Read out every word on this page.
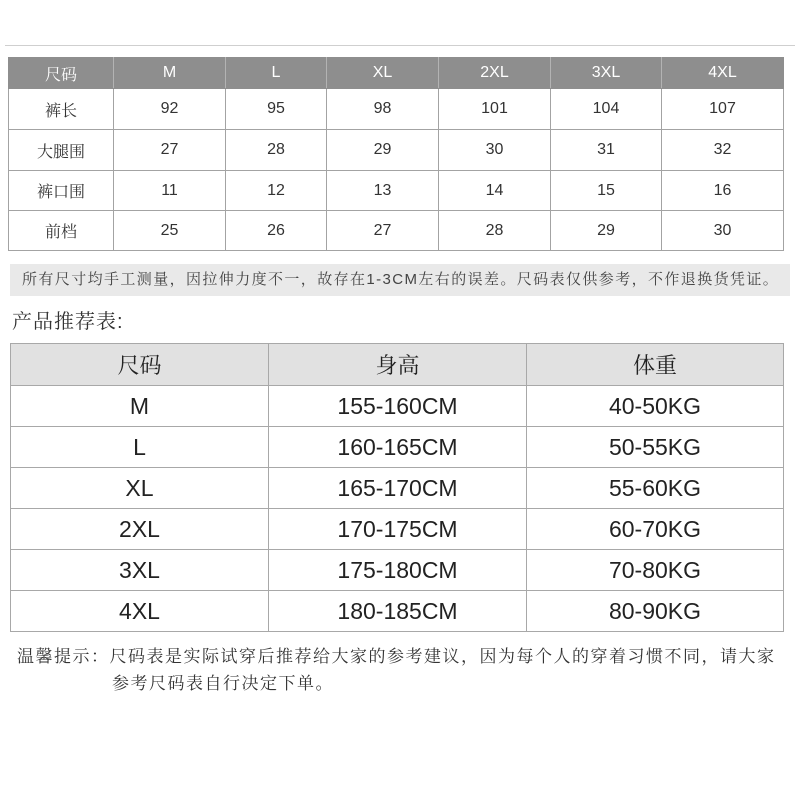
尺码	M	L	XL	2XL	3XL	4XL
裤长	92	95	98	101	104	107
大腿围	27	28	29	30	31	32
裤口围	11	12	13	14	15	16
前档	25	26	27	28	29	30
所有尺寸均手工测量，因拉伸力度不一，故存在1-3CM左右的误差。尺码表仅供参考，不作退换货凭证。
产品推荐表:
尺码	身高	体重
M	155-160CM	40-50KG
L	160-165CM	50-55KG
XL	165-170CM	55-60KG
2XL	170-175CM	60-70KG
3XL	175-180CM	70-80KG
4XL	180-185CM	80-90KG
温馨提示：尺码表是实际试穿后推荐给大家的参考建议，因为每个人的穿着习惯不同，请大家
参考尺码表自行决定下单。
